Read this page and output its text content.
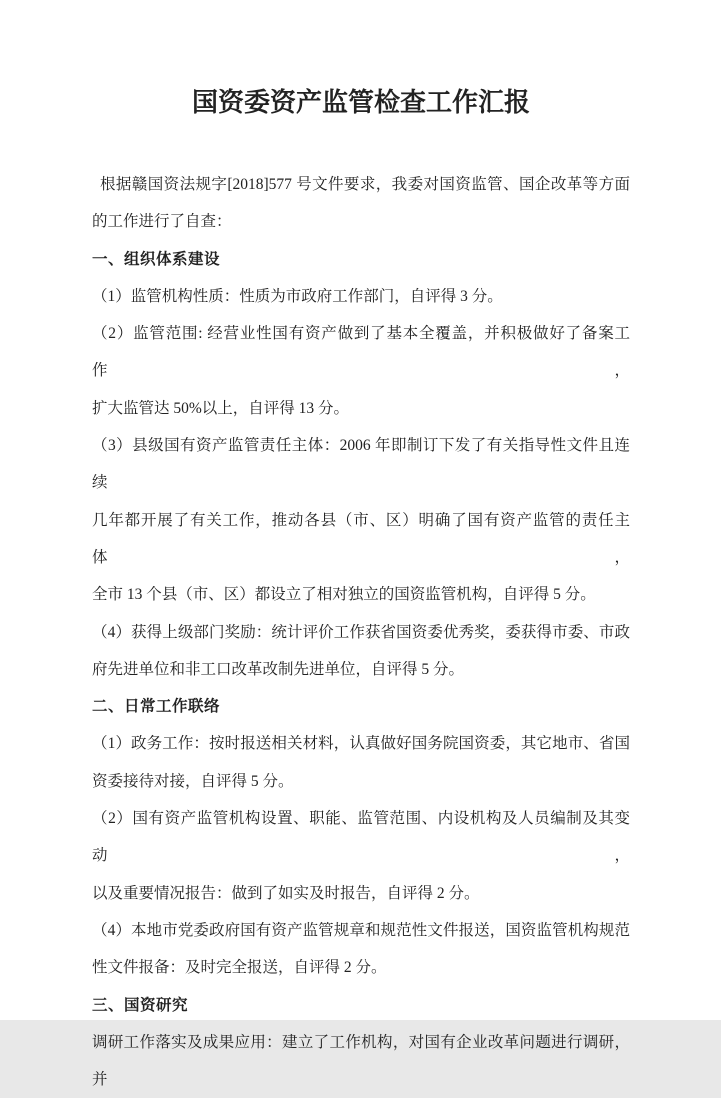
国资委资产监管检查工作汇报
根据赣国资法规字[2018]577 号文件要求，我委对国资监管、国企改革等方面
的工作进行了自查：
一、组织体系建设
（1）监管机构性质：性质为市政府工作部门，自评得 3 分。
（2）监管范围: 经营业性国有资产做到了基本全覆盖，并积极做好了备案工作，
扩大监管达 50%以上，自评得 13 分。
（3）县级国有资产监管责任主体：2006 年即制订下发了有关指导性文件且连续
几年都开展了有关工作，推动各县（市、区）明确了国有资产监管的责任主体，
全市 13 个县（市、区）都设立了相对独立的国资监管机构，自评得 5 分。
（4）获得上级部门奖励：统计评价工作获省国资委优秀奖，委获得市委、市政
府先进单位和非工口改革改制先进单位，自评得 5 分。
二、日常工作联络
（1）政务工作：按时报送相关材料，认真做好国务院国资委，其它地市、省国
资委接待对接，自评得 5 分。
（2）国有资产监管机构设置、职能、监管范围、内设机构及人员编制及其变动，
以及重要情况报告：做到了如实及时报告，自评得 2 分。
（4）本地市党委政府国有资产监管规章和规范性文件报送，国资监管机构规范
性文件报备：及时完全报送，自评得 2 分。
三、国资研究
调研工作落实及成果应用：建立了工作机构，对国有企业改革问题进行调研，并
